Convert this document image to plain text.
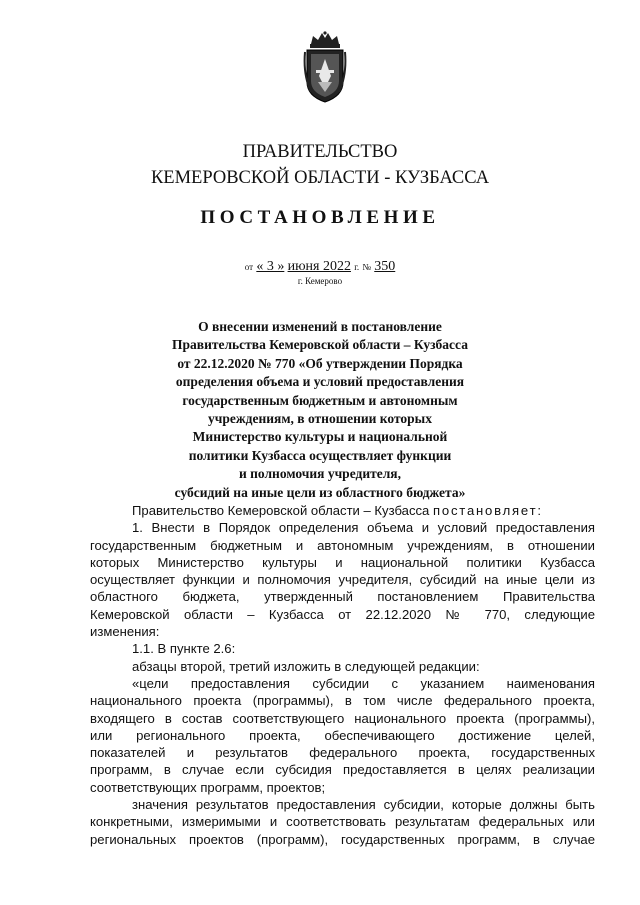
ПРАВИТЕЛЬСТВО
КЕМЕРОВСКОЙ ОБЛАСТИ - КУЗБАССА
ПОСТАНОВЛЕНИЕ
от « 3 » июня 2022 г. № 350
г. Кемерово
О внесении изменений в постановление
Правительства Кемеровской области – Кузбасса
от 22.12.2020 № 770 «Об утверждении Порядка
определения объема и условий предоставления
государственным бюджетным и автономным
учреждениям, в отношении которых
Министерство культуры и национальной
политики Кузбасса осуществляет функции
и полномочия учредителя,
субсидий на иные цели из областного бюджета»
Правительство Кемеровской области – Кузбасса постановляет:
1. Внести в Порядок определения объема и условий предоставления
государственным бюджетным и автономным учреждениям, в отношении
которых Министерство культуры и национальной политики Кузбасса
осуществляет функции и полномочия учредителя, субсидий на иные цели из
областного бюджета, утвержденный постановлением Правительства
Кемеровской области – Кузбасса от 22.12.2020 № 770, следующие
изменения:
1.1. В пункте 2.6:
абзацы второй, третий изложить в следующей редакции:
«цели предоставления субсидии с указанием наименования
национального проекта (программы), в том числе федерального проекта,
входящего в состав соответствующего национального проекта (программы),
или регионального проекта, обеспечивающего достижение целей,
показателей и результатов федерального проекта, государственных
программ, в случае если субсидия предоставляется в целях реализации
соответствующих программ, проектов;
значения результатов предоставления субсидии, которые должны быть
конкретными, измеримыми и соответствовать результатам федеральных или
региональных проектов (программ), государственных программ, в случае
